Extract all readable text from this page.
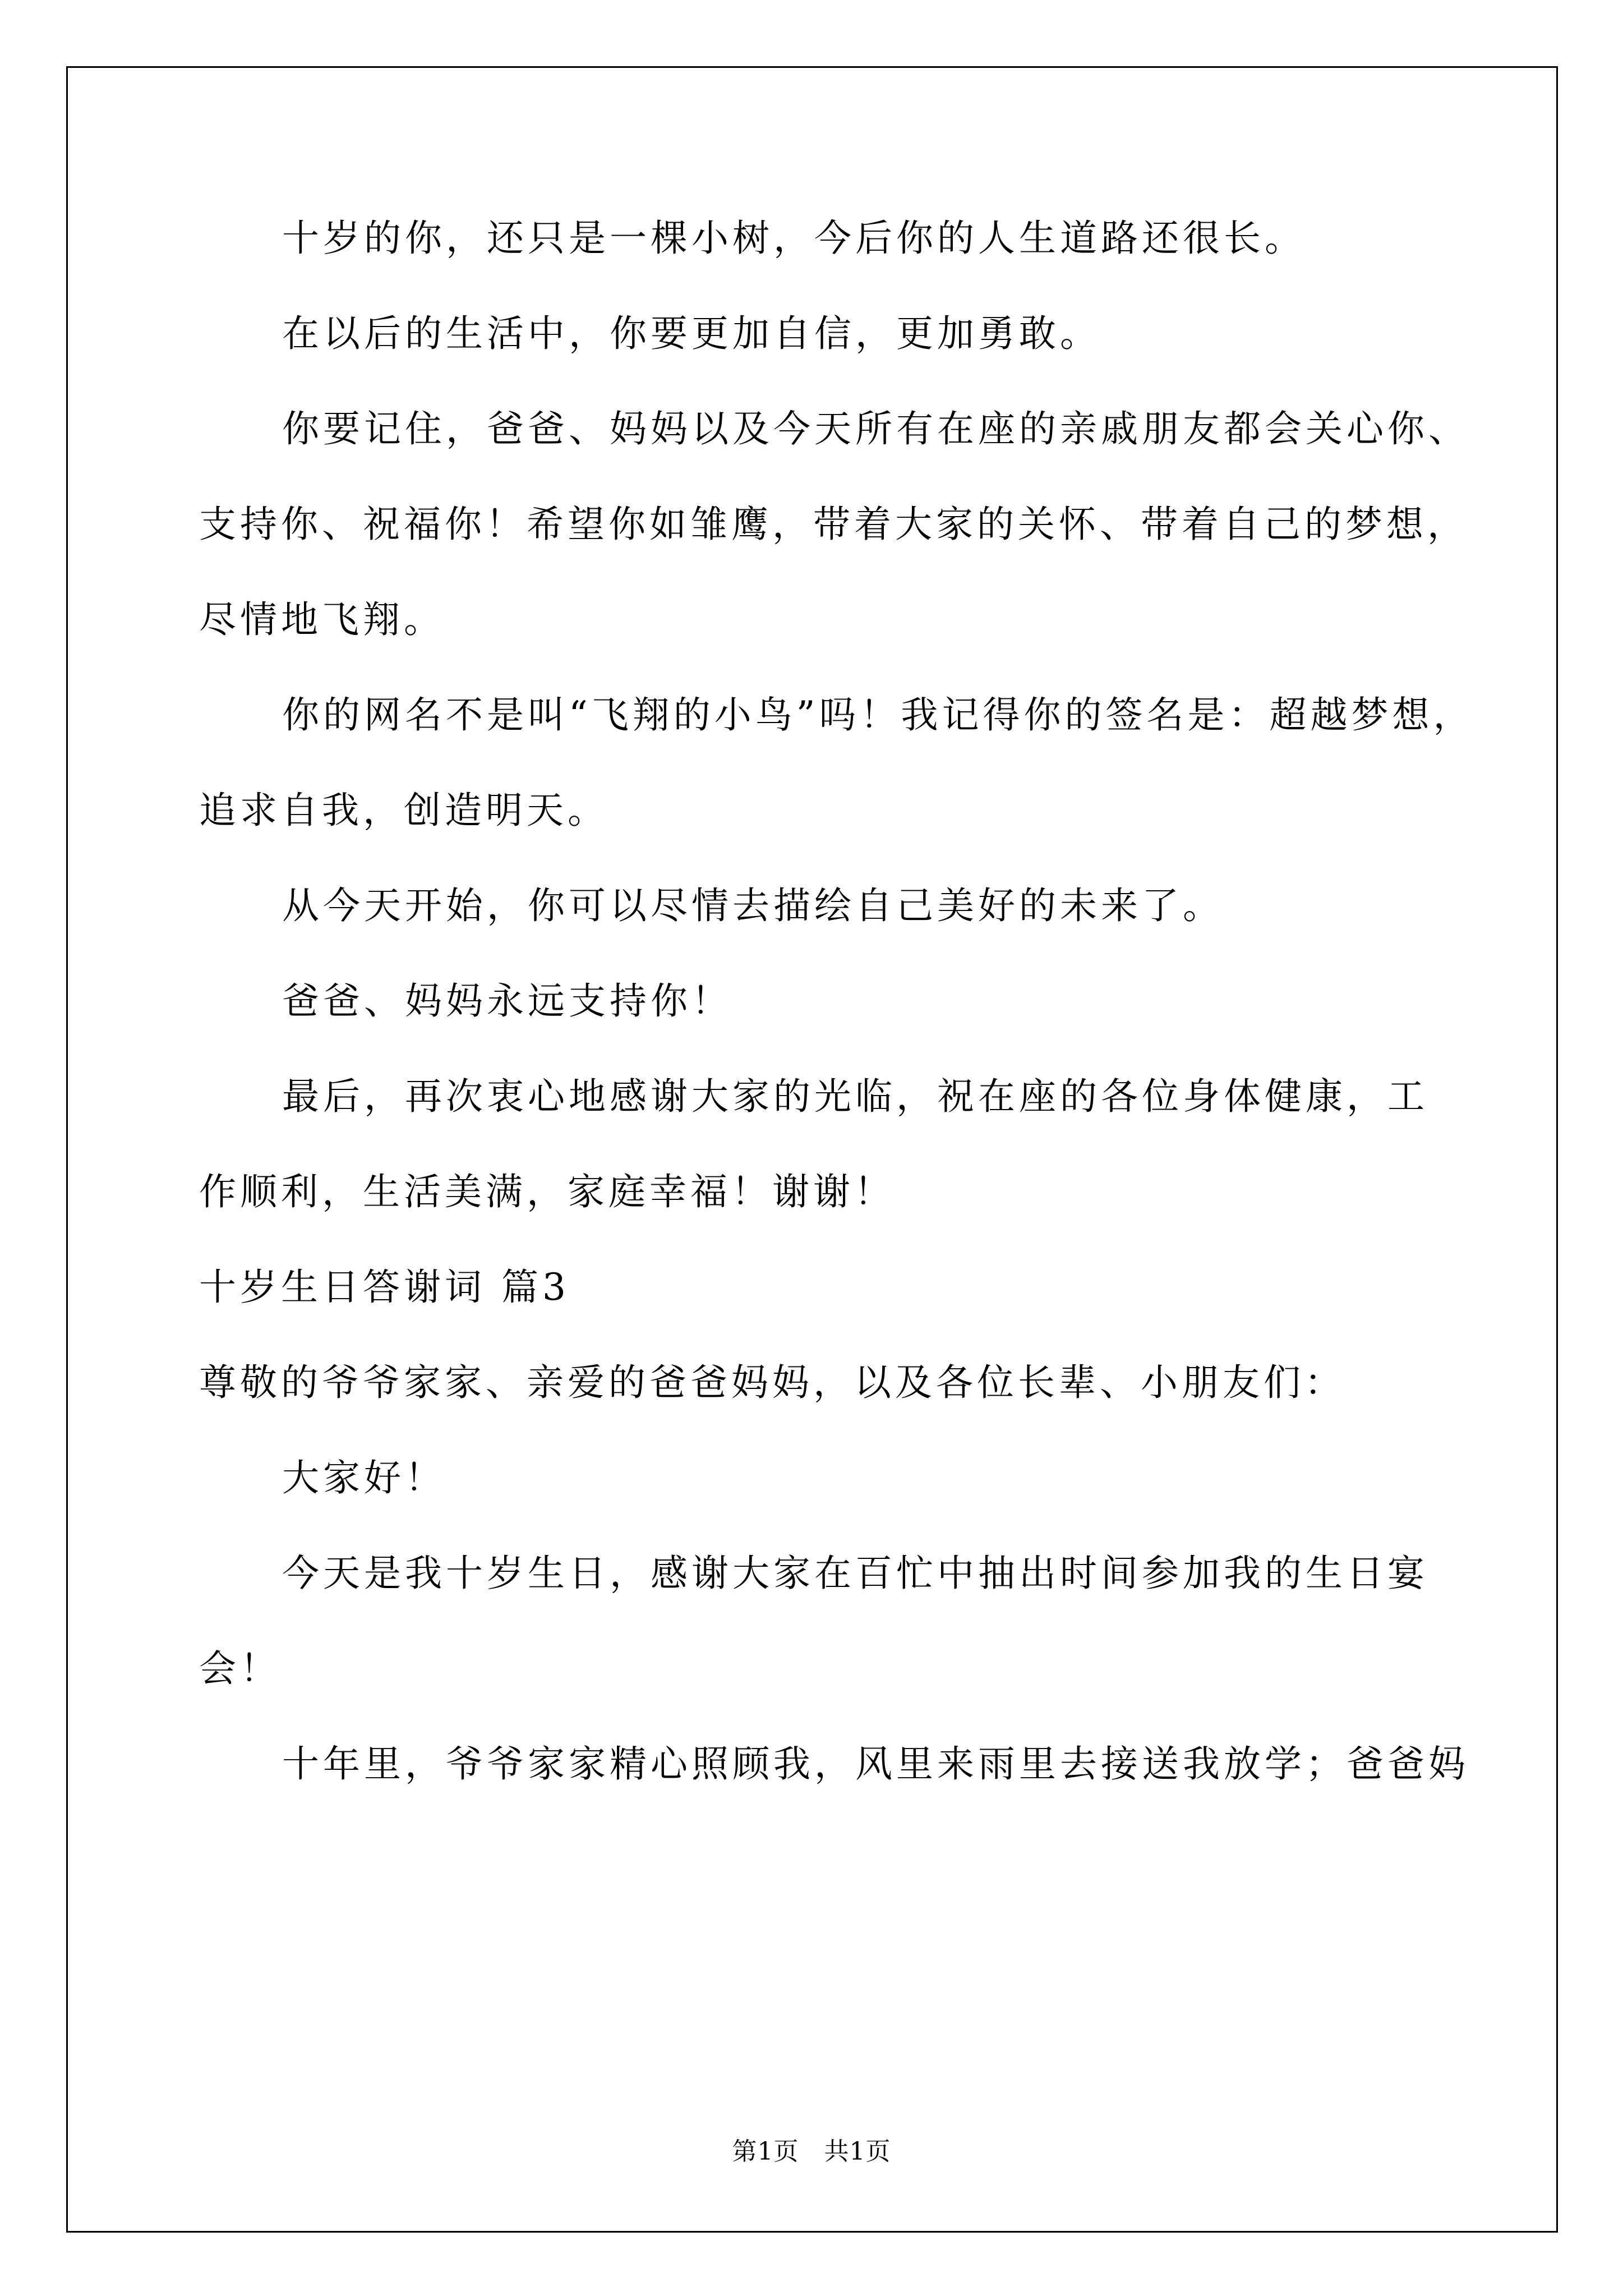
十岁的你，还只是一棵小树，今后你的人生道路还很长。
在以后的生活中，你要更加自信，更加勇敢。
你要记住，爸爸、妈妈以及今天所有在座的亲戚朋友都会关心你、
支持你、祝福你！希望你如雏鹰，带着大家的关怀、带着自己的梦想，
尽情地飞翔。
你的网名不是叫“飞翔的小鸟”吗！我记得你的签名是：超越梦想，
追求自我，创造明天。
从今天开始，你可以尽情去描绘自己美好的未来了。
爸爸、妈妈永远支持你！
最后，再次衷心地感谢大家的光临，祝在座的各位身体健康，工
作顺利，生活美满，家庭幸福！谢谢！
十岁生日答谢词 篇3
尊敬的爷爷家家、亲爱的爸爸妈妈，以及各位长辈、小朋友们：
大家好！
今天是我十岁生日，感谢大家在百忙中抽出时间参加我的生日宴
会！
十年里，爷爷家家精心照顾我，风里来雨里去接送我放学；爸爸妈
第1页　共1页
